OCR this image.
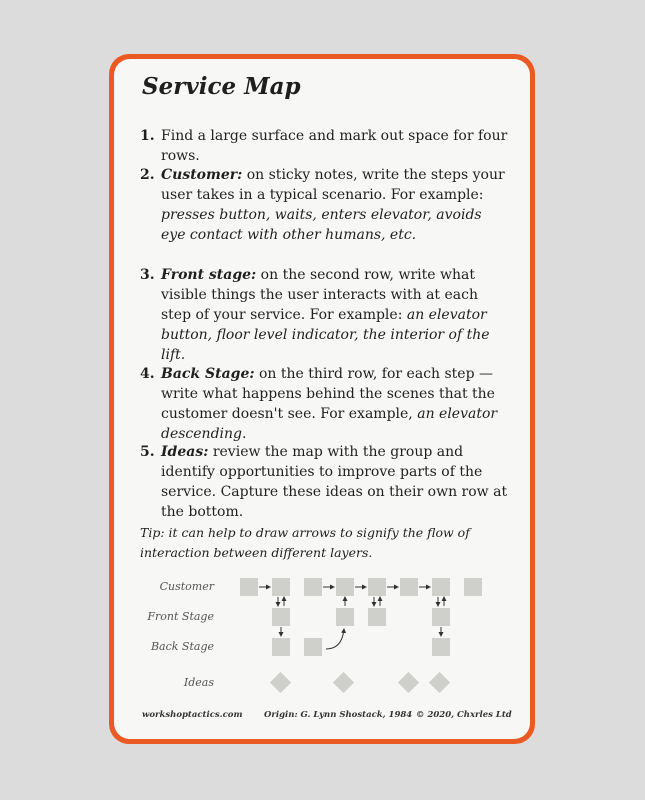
Service Map
1. Find a large surface and mark out space for four rows.
2. Customer: on sticky notes, write the steps your user takes in a typical scenario. For example: presses button, waits, enters elevator, avoids eye contact with other humans, etc.
3. Front stage: on the second row, write what visible things the user interacts with at each step of your service. For example: an elevator button, floor level indicator, the interior of the lift.
4. Back Stage: on the third row, for each step — write what happens behind the scenes that the customer doesn't see. For example, an elevator descending.
5. Ideas: review the map with the group and identify opportunities to improve parts of the service. Capture these ideas on their own row at the bottom.
Tip: it can help to draw arrows to signify the flow of interaction between different layers.
Customer
Front Stage
Back Stage
Ideas
workshoptactics.com	Origin: G. Lynn Shostack, 1984 © 2020, Chxrles Ltd
